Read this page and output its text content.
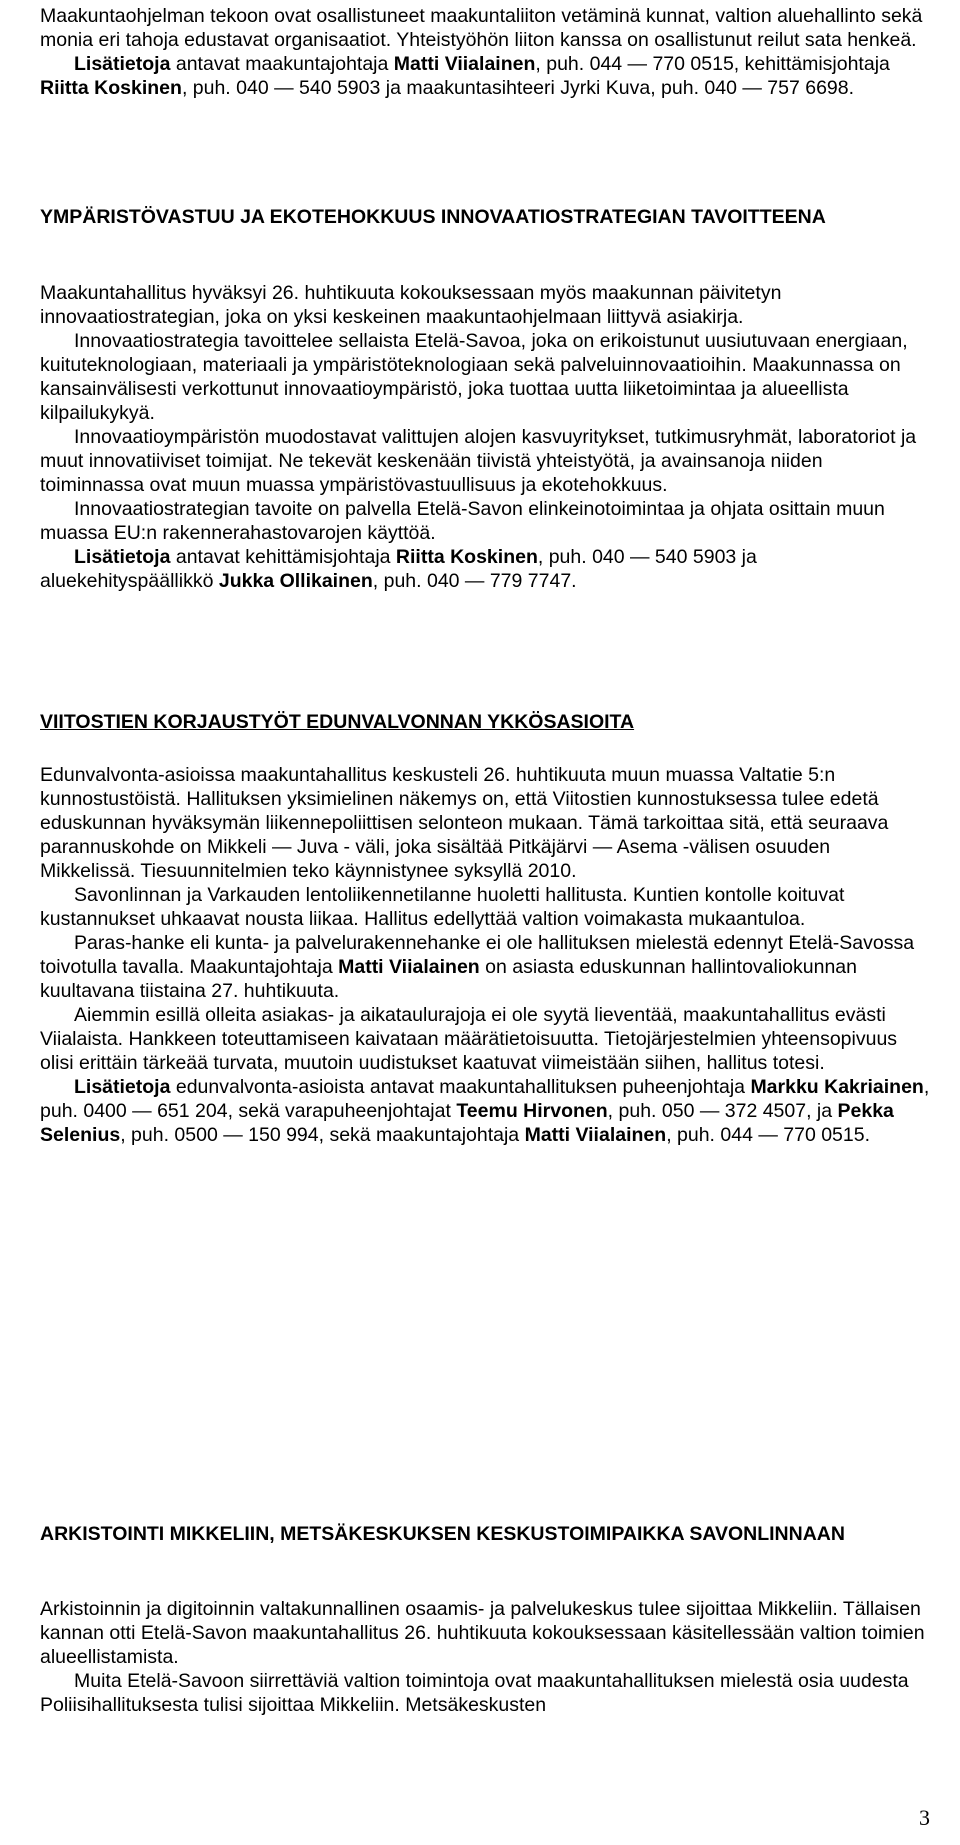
Maakuntaohjelman tekoon ovat osallistuneet maakuntaliiton vetäminä kunnat, valtion aluehallinto sekä monia eri tahoja edustavat organisaatiot. Yhteistyöhön liiton kanssa on osallistunut reilut sata henkeä.
Lisätietoja antavat maakuntajohtaja Matti Viialainen, puh. 044 — 770 0515, kehittämisjohtaja Riitta Koskinen, puh. 040 — 540 5903 ja maakuntasihteeri Jyrki Kuva, puh. 040 — 757 6698.

YMPÄRISTÖVASTUU JA EKOTEHOKKUUS INNOVAATIOSTRATEGIAN TAVOITTEENA

Maakuntahallitus hyväksyi 26. huhtikuuta kokouksessaan myös maakunnan päivitetyn innovaatiostrategian, joka on yksi keskeinen maakuntaohjelmaan liittyvä asiakirja.

Innovaatiostrategia tavoittelee sellaista Etelä-Savoa, joka on erikoistunut uusiutuvaan energiaan, kuituteknologiaan, materiaali ja ympäristöteknologiaan sekä palveluinnovaatioihin. Maakunnassa on kansainvälisesti verkottunut innovaatioympäristö, joka tuottaa uutta liiketoimintaa ja alueellista kilpailukykyä.

Innovaatioympäristön muodostavat valittujen alojen kasvuyritykset, tutkimusryhmät, laboratoriot ja muut innovatiiviset toimijat. Ne tekevät keskenään tiivistä yhteistyötä, ja avainsanoja niiden toiminnassa ovat muun muassa ympäristövastuullisuus ja ekotehokkuus.

Innovaatiostrategian tavoite on palvella Etelä-Savon elinkeinotoimintaa ja ohjata osittain muun muassa EU:n rakennerahastovarojen käyttöä.

Lisätietoja antavat kehittämisjohtaja Riitta Koskinen, puh. 040 — 540 5903 ja aluekehityspäällikkö Jukka Ollikainen, puh. 040 — 779 7747.

VIITOSTIEN KORJAUSTYÖT EDUNVALVONNAN YKKÖSASIOITA

Edunvalvonta-asioissa maakuntahallitus keskusteli 26. huhtikuuta muun muassa Valtatie 5:n kunnostustöistä. Hallituksen yksimielinen näkemys on, että Viitostien kunnostuksessa tulee edetä eduskunnan hyväksymän liikennepoliittisen selonteon mukaan. Tämä tarkoittaa sitä, että seuraava parannuskohde on Mikkeli — Juva - väli, joka sisältää Pitkäjärvi — Asema -välisen osuuden Mikkelissä. Tiesuunnitelmien teko käynnistynee syksyllä 2010.

Savonlinnan ja Varkauden lentoliikennetilanne huoletti hallitusta. Kuntien kontolle koituvat kustannukset uhkaavat nousta liikaa. Hallitus edellyttää valtion voimakasta mukaantuloa.

Paras-hanke eli kunta- ja palvelurakennehanke ei ole hallituksen mielestä edennyt Etelä-Savossa toivotulla tavalla. Maakuntajohtaja Matti Viialainen on asiasta eduskunnan hallintovaliokunnan kuultavana tiistaina 27. huhtikuuta.

Aiemmin esillä olleita asiakas- ja aikataulurajoja ei ole syytä lieventää, maakuntahallitus evästi Viialaista. Hankkeen toteuttamiseen kaivataan määrätietoisuutta. Tietojärjestelmien yhteensopivuus olisi erittäin tärkeää turvata, muutoin uudistukset kaatuvat viimeistään siihen, hallitus totesi.

Lisätietoja edunvalvonta-asioista antavat maakuntahallituksen puheenjohtaja Markku Kakriainen, puh. 0400 — 651 204, sekä varapuheenjohtajat Teemu Hirvonen, puh. 050 — 372 4507, ja Pekka Selenius, puh. 0500 — 150 994, sekä maakuntajohtaja Matti Viialainen, puh. 044 — 770 0515.

ARKISTOINTI MIKKELIIN, METSÄKESKUKSEN KESKUSTOIMIPAIKKA SAVONLINNAAN

Arkistoinnin ja digitoinnin valtakunnallinen osaamis- ja palvelukeskus tulee sijoittaa Mikkeliin. Tällaisen kannan otti Etelä-Savon maakuntahallitus 26. huhtikuuta kokouksessaan käsitellessään valtion toimien alueellistamista.

Muita Etelä-Savoon siirrettäviä valtion toimintoja ovat maakuntahallituksen mielestä osia uudesta Poliisihallituksesta tulisi sijoittaa Mikkeliin. Metsäkeskusten

3
